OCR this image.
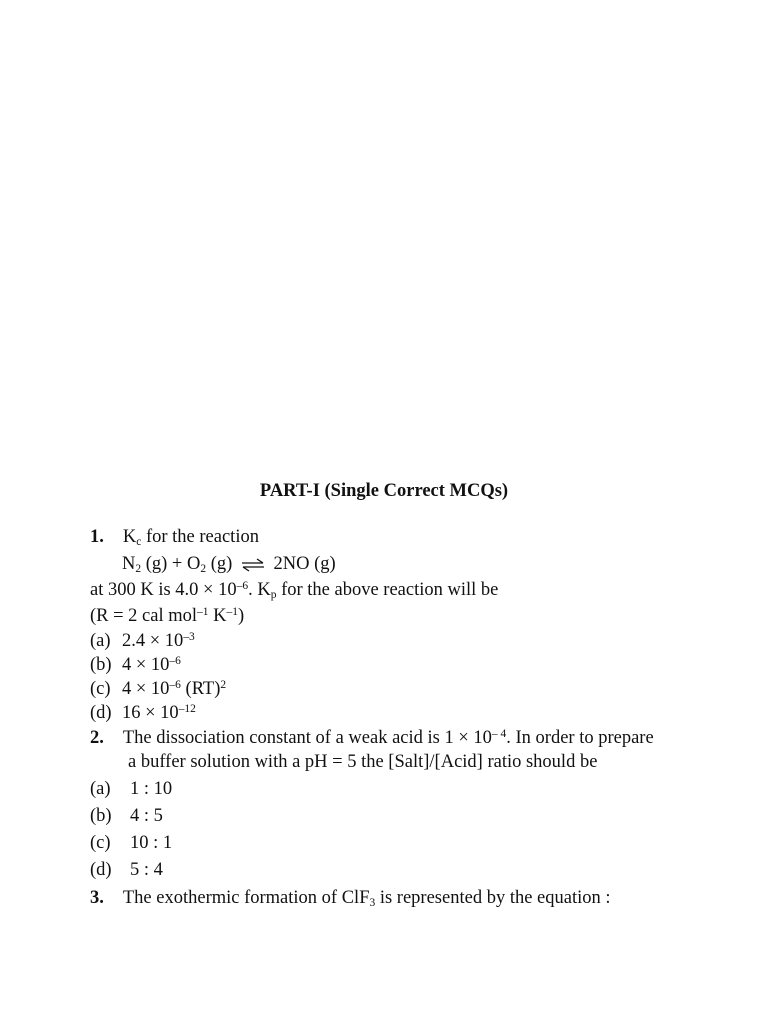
PART-I (Single Correct MCQs)
1. $K_c$ for the reaction
$N_2$ $(g) + O_2$ (g) ⇌ 2NO (g)
at 300 K is $4.0 \times 10^{-6}$. $K_p$ for the above reaction will be
(R = 2 cal mol$^{-1}$ $K^{-1}$)
(a) $2.4 \times 10^{-3}$
(b) $4 \times 10^{-6}$
(c) $4 \times 10^{-6}$ (RT)$^2$
(d) $16 \times 10^{-12}$
2. The dissociation constant of a weak acid is $1 \times 10^{- 4}$. In order to prepare
a buffer solution with a pH = 5 the [Salt]/[Acid] ratio should be
(a) 1 : 10
(b) 4 : 5
(c) 10 : 1
(d) 5 : 4
3. The exothermic formation of ClF$_3$ is represented by the equation :
